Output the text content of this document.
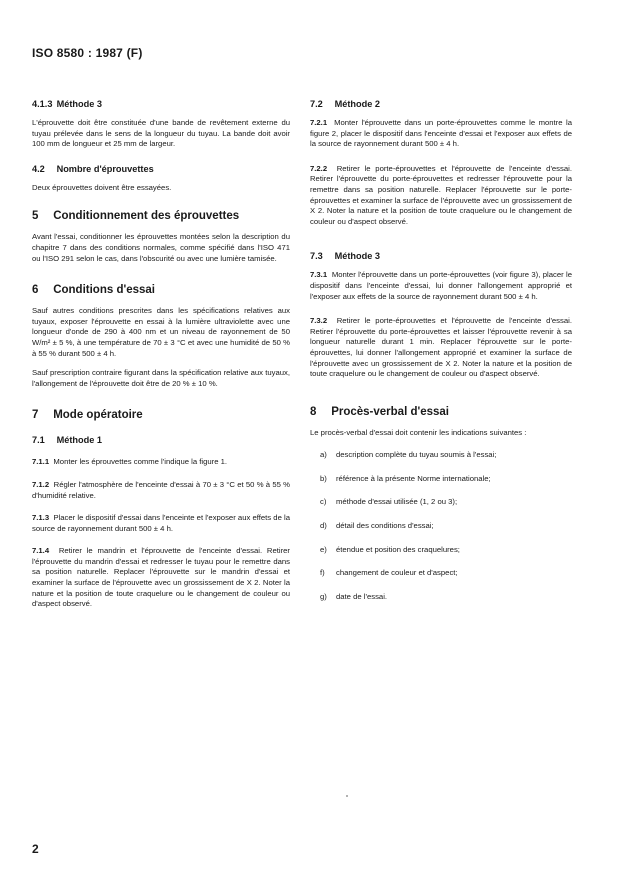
ISO 8580 : 1987 (F)
4.1.3 Méthode 3

L'éprouvette doit être constituée d'une bande de revêtement externe du tuyau prélevée dans le sens de la longueur du tuyau. La bande doit avoir 100 mm de longueur et 25 mm de largeur.

4.2 Nombre d'éprouvettes

Deux éprouvettes doivent être essayées.

5 Conditionnement des éprouvettes

Avant l'essai, conditionner les éprouvettes montées selon la description du chapitre 7 dans des conditions normales, comme spécifié dans l'ISO 471 ou l'ISO 291 selon le cas, dans l'obscurité ou avec une lumière tamisée.

6 Conditions d'essai

Sauf autres conditions prescrites dans les spécifications relatives aux tuyaux, exposer l'éprouvette en essai à la lumière ultraviolette avec une longueur d'onde de 290 à 400 nm et un niveau de rayonnement de 50 W/m² ± 5 %, à une température de 70 ± 3 °C et avec une humidité de 50 % à 55 % durant 500 ± 4 h.

Sauf prescription contraire figurant dans la spécification relative aux tuyaux, l'allongement de l'éprouvette doit être de 20 % ± 10 %.

7 Mode opératoire
7.1 Méthode 1

7.1.1 Monter les éprouvettes comme l'indique la figure 1.

7.1.2 Régler l'atmosphère de l'enceinte d'essai à 70 ± 3 °C et 50 % à 55 % d'humidité relative.

7.1.3 Placer le dispositif d'essai dans l'enceinte et l'exposer aux effets de la source de rayonnement durant 500 ± 4 h.

7.1.4 Retirer le mandrin et l'éprouvette de l'enceinte d'essai. Retirer l'éprouvette du mandrin d'essai et redresser le tuyau pour le remettre dans sa position naturelle. Replacer l'éprouvette sur le mandrin d'essai et examiner la surface de l'éprouvette avec un grossissement de X 2. Noter la nature et la position de toute craquelure ou le changement de couleur ou d'aspect observé.

7.2 Méthode 2

7.2.1 Monter l'éprouvette dans un porte-éprouvettes comme le montre la figure 2, placer le dispositif dans l'enceinte d'essai et l'exposer aux effets de la source de rayonnement durant 500 ± 4 h.

7.2.2 Retirer le porte-éprouvettes et l'éprouvette de l'enceinte d'essai. Retirer l'éprouvette du porte-éprouvettes et redresser l'éprouvette pour la remettre dans sa position naturelle. Replacer l'éprouvette sur le porte-éprouvettes et examiner la surface de l'éprouvette avec un grossissement de X 2. Noter la nature et la position de toute craquelure ou le changement de couleur ou d'aspect observé.

7.3 Méthode 3

7.3.1 Monter l'éprouvette dans un porte-éprouvettes (voir figure 3), placer le dispositif dans l'enceinte d'essai, lui donner l'allongement approprié et l'exposer aux effets de la source de rayonnement durant 500 ± 4 h.

7.3.2 Retirer le porte-éprouvettes et l'éprouvette de l'enceinte d'essai. Retirer l'éprouvette du porte-éprouvettes et laisser l'éprouvette revenir à sa longueur naturelle durant 1 min. Replacer l'éprouvette sur le porte-éprouvettes, lui donner l'allongement approprié et examiner la surface de l'éprouvette avec un grossissement de X 2. Noter la nature et la position de toute craquelure ou le changement de couleur ou d'aspect observé.

8 Procès-verbal d'essai

Le procès-verbal d'essai doit contenir les indications suivantes :

a) description complète du tuyau soumis à l'essai;
b) référence à la présente Norme internationale;
c) méthode d'essai utilisée (1, 2 ou 3);
d) détail des conditions d'essai;
e) étendue et position des craquelures;
f) changement de couleur et d'aspect;
g) date de l'essai.
2
